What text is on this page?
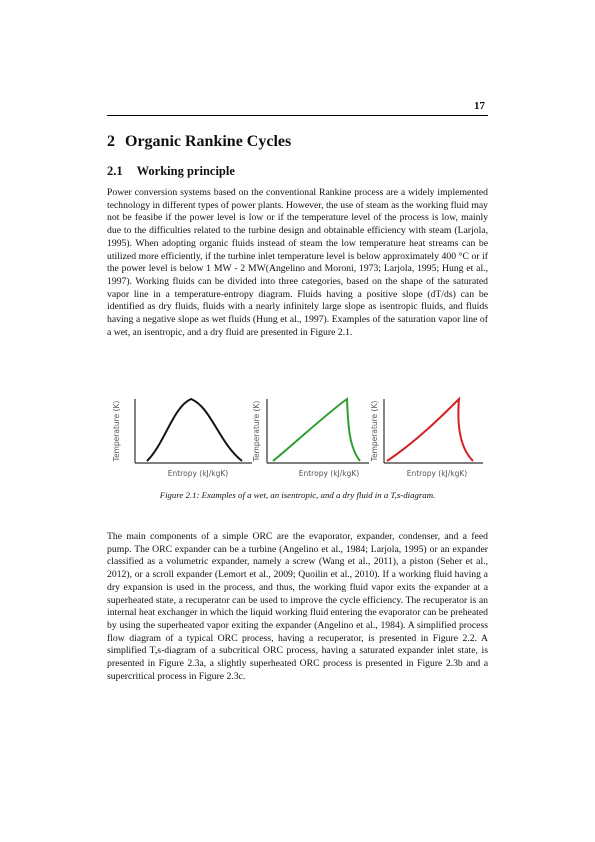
17
2 Organic Rankine Cycles
2.1 Working principle

Power conversion systems based on the conventional Rankine process are a widely implemented technology in different types of power plants. However, the use of steam as the working fluid may not be feasibe if the power level is low or if the temperature level of the process is low, mainly due to the difficulties related to the turbine design and obtainable efficiency with steam (Larjola, 1995). When adopting organic fluids instead of steam the low temperature heat streams can be utilized more efficiently, if the turbine inlet temperature level is below approximately 400 °C or if the power level is below 1 MW - 2 MW(Angelino and Moroni, 1973; Larjola, 1995; Hung et al., 1997). Working fluids can be divided into three categories, based on the shape of the saturated vapor line in a temperature-entropy diagram. Fluids having a positive slope (dT/ds) can be identified as dry fluids, fluids with a nearly infinitely large slope as isentropic fluids, and fluids having a negative slope as wet fluids (Hung et al., 1997). Examples of the saturation vapor line of a wet, an isentropic, and a dry fluid are presented in Figure 2.1.

Entropy (kJ/kgK)
Temperature (K)
Entropy (kJ/kgK)
Temperature (K)
Entropy (kJ/kgK)
Temperature (K)

Figure 2.1: Examples of a wet, an isentropic, and a dry fluid in a T,s-diagram.

The main components of a simple ORC are the evaporator, expander, condenser, and a feed pump. The ORC expander can be a turbine (Angelino et al., 1984; Larjola, 1995) or an expander classified as a volumetric expander, namely a screw (Wang et al., 2011), a piston (Seher et al., 2012), or a scroll expander (Lemort et al., 2009; Quoilin et al., 2010). If a working fluid having a dry expansion is used in the process, and thus, the working fluid vapor exits the expander at a superheated state, a recuperator can be used to improve the cycle efficiency. The recuperator is an internal heat exchanger in which the liquid working fluid entering the evaporator can be preheated by using the superheated vapor exiting the expander (Angelino et al., 1984). A simplified process flow diagram of a typical ORC process, having a recuperator, is presented in Figure 2.2. A simplified T,s-diagram of a subcritical ORC process, having a saturated expander inlet state, is presented in Figure 2.3a, a slightly superheated ORC process is presented in Figure 2.3b and a supercritical process in Figure 2.3c.
